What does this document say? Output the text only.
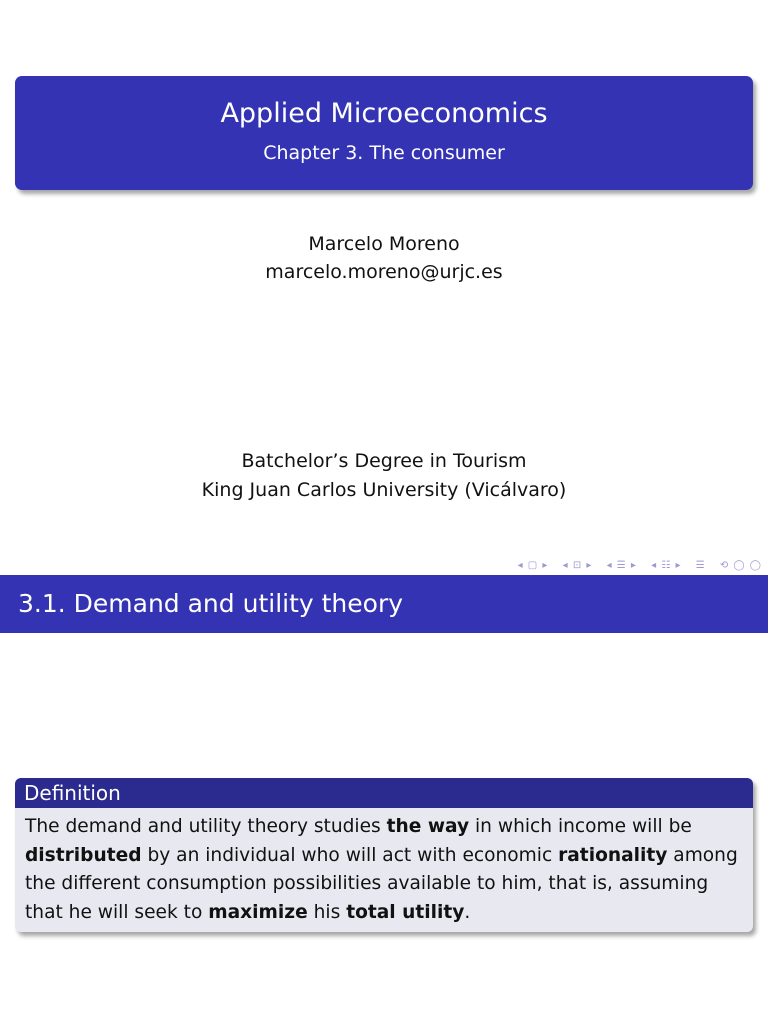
Applied Microeconomics
Chapter 3. The consumer
Marcelo Moreno
marcelo.moreno@urjc.es
Batchelor’s Degree in Tourism
King Juan Carlos University (Vicálvaro)
◂ ▢ ▸ ◂ ⊡ ▸ ◂ ☰ ▸ ◂ ☷ ▸ ☰ ⟲ ◯ ◯
3.1. Demand and utility theory
Definition
The demand and utility theory studies the way in which income will be distributed by an individual who will act with economic rationality among the different consumption possibilities available to him, that is, assuming that he will seek to maximize his total utility.
